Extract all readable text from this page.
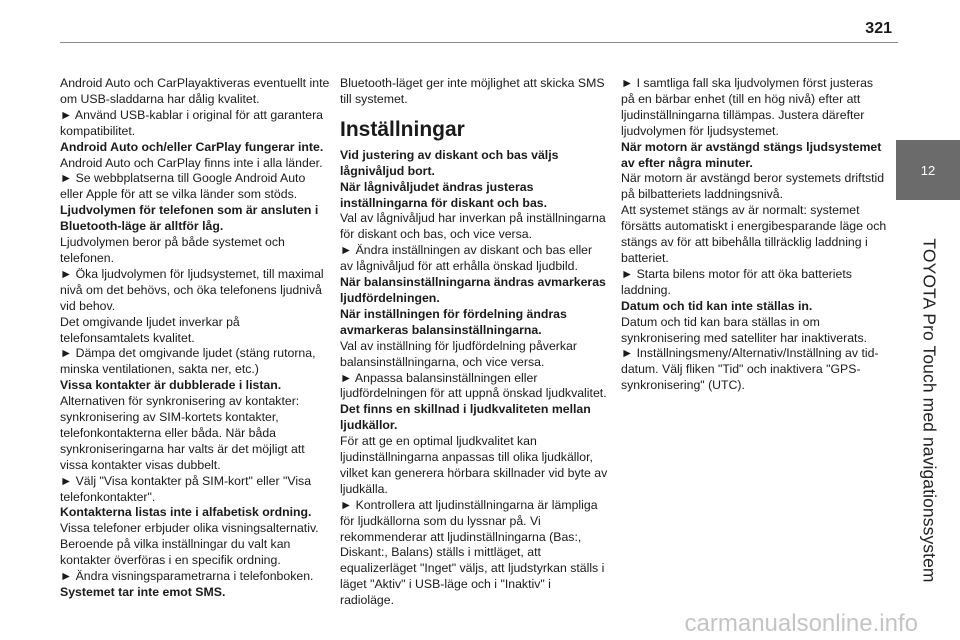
321
12
TOYOTA Pro Touch med navigationssystem

Android Auto och CarPlayaktiveras eventuellt inte om USB-sladdarna har dålig kvalitet.

► Använd USB-kablar i original för att garantera kompatibilitet.

Android Auto och/eller CarPlay fungerar inte.

Android Auto och CarPlay finns inte i alla länder.

► Se webbplatserna till Google Android Auto eller Apple för att se vilka länder som stöds.

Ljudvolymen för telefonen som är ansluten i Bluetooth-läge är alltför låg.

Ljudvolymen beror på både systemet och telefonen.

► Öka ljudvolymen för ljudsystemet, till maximal nivå om det behövs, och öka telefonens ljudnivå vid behov.

Det omgivande ljudet inverkar på telefonsamtalets kvalitet.

► Dämpa det omgivande ljudet (stäng rutorna, minska ventilationen, sakta ner, etc.)

Vissa kontakter är dubblerade i listan.

Alternativen för synkronisering av kontakter: synkronisering av SIM-kortets kontakter, telefonkontakterna eller båda. När båda synkroniseringarna har valts är det möjligt att vissa kontakter visas dubbelt.

► Välj "Visa kontakter på SIM-kort" eller "Visa telefonkontakter".

Kontakterna listas inte i alfabetisk ordning.

Vissa telefoner erbjuder olika visningsalternativ. Beroende på vilka inställningar du valt kan kontakter överföras i en specifik ordning.

► Ändra visningsparametrarna i telefonboken.

Systemet tar inte emot SMS.

Bluetooth-läget ger inte möjlighet att skicka SMS till systemet.

Inställningar

Vid justering av diskant och bas väljs lågnivåljud bort.

När lågnivåljudet ändras justeras inställningarna för diskant och bas.

Val av lågnivåljud har inverkan på inställningarna för diskant och bas, och vice versa.

► Ändra inställningen av diskant och bas eller av lågnivåljud för att erhålla önskad ljudbild.

När balansinställningarna ändras avmarkeras ljudfördelningen.

När inställningen för fördelning ändras avmarkeras balansinställningarna.

Val av inställning för ljudfördelning påverkar balansinställningarna, och vice versa.

► Anpassa balansinställningen eller ljudfördelningen för att uppnå önskad ljudkvalitet.

Det finns en skillnad i ljudkvaliteten mellan ljudkällor.

För att ge en optimal ljudkvalitet kan ljudinställningarna anpassas till olika ljudkällor, vilket kan generera hörbara skillnader vid byte av ljudkälla.

► Kontrollera att ljudinställningarna är lämpliga för ljudkällorna som du lyssnar på. Vi rekommenderar att ljudinställningarna (Bas:, Diskant:, Balans) ställs i mittläget, att equalizerläget "Inget" väljs, att ljudstyrkan ställs i läget "Aktiv" i USB-läge och i "Inaktiv" i radioläge.

► I samtliga fall ska ljudvolymen först justeras på en bärbar enhet (till en hög nivå) efter att ljudinställningarna tillämpas. Justera därefter ljudvolymen för ljudsystemet.

När motorn är avstängd stängs ljudsystemet av efter några minuter.

När motorn är avstängd beror systemets driftstid på bilbatteriets laddningsnivå.

Att systemet stängs av är normalt: systemet försätts automatiskt i energibesparande läge och stängs av för att bibehålla tillräcklig laddning i batteriet.

► Starta bilens motor för att öka batteriets laddning.

Datum och tid kan inte ställas in.

Datum och tid kan bara ställas in om synkronisering med satelliter har inaktiverats.

► Inställningsmeny/Alternativ/Inställning av tid-datum. Välj fliken "Tid" och inaktivera "GPS-synkronisering" (UTC).

carmanualsonline.info
